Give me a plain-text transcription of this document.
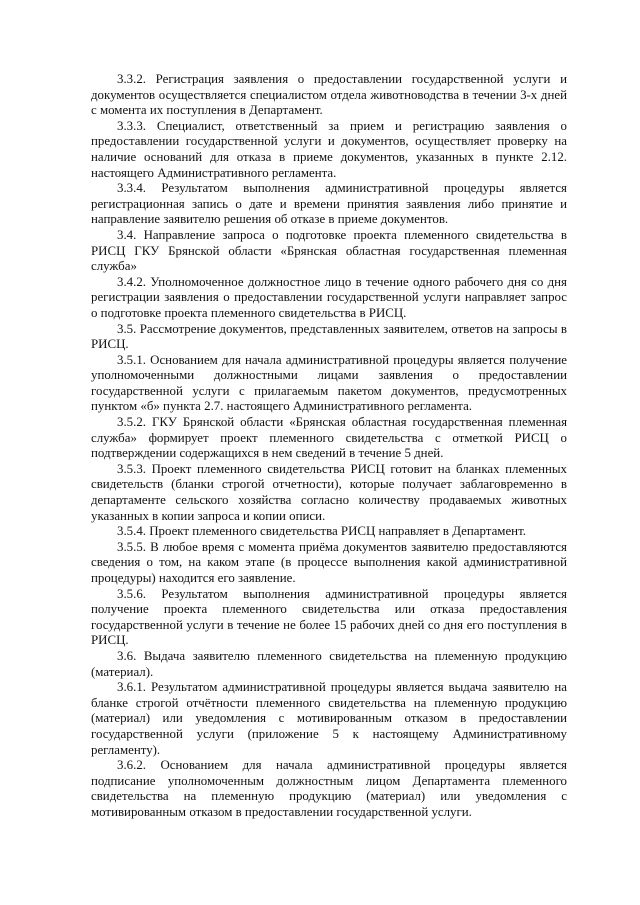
3.3.2. Регистрация заявления о предоставлении государственной услуги и документов осуществляется специалистом отдела животноводства в течении 3-х дней с момента их поступления в Департамент.

3.3.3. Специалист, ответственный за прием и регистрацию заявления о предоставлении государственной услуги и документов, осуществляет проверку на наличие оснований для отказа в приеме документов, указанных в пункте 2.12. настоящего Административного регламента.

3.3.4. Результатом выполнения административной процедуры является регистрационная запись о дате и времени принятия заявления либо принятие и направление заявителю решения об отказе в приеме документов.

3.4. Направление запроса о подготовке проекта племенного свидетельства в РИСЦ ГКУ Брянской области «Брянская областная государственная племенная служба»

3.4.2. Уполномоченное должностное лицо в течение одного рабочего дня со дня регистрации заявления о предоставлении государственной услуги направляет запрос о подготовке проекта племенного свидетельства в РИСЦ.

3.5. Рассмотрение документов, представленных заявителем, ответов на запросы в РИСЦ.

3.5.1. Основанием для начала административной процедуры является получение уполномоченными должностными лицами заявления о предоставлении государственной услуги с прилагаемым пакетом документов, предусмотренных пунктом «б» пункта 2.7. настоящего Административного регламента.

3.5.2. ГКУ Брянской области «Брянская областная государственная племенная служба» формирует проект племенного свидетельства с отметкой РИСЦ о подтверждении содержащихся в нем сведений в течение 5 дней.

3.5.3. Проект племенного свидетельства РИСЦ готовит на бланках племенных свидетельств (бланки строгой отчетности), которые получает заблаговременно в департаменте сельского хозяйства согласно количеству продаваемых животных указанных в копии запроса и копии описи.

3.5.4. Проект племенного свидетельства РИСЦ направляет в Департамент.

3.5.5. В любое время с момента приёма документов заявителю предоставляются сведения о том, на каком этапе (в процессе выполнения какой административной процедуры) находится его заявление.

3.5.6. Результатом выполнения административной процедуры является получение проекта племенного свидетельства или отказа предоставления государственной услуги в течение не более 15 рабочих дней со дня его поступления в РИСЦ.

3.6. Выдача заявителю племенного свидетельства на племенную продукцию (материал).

3.6.1. Результатом административной процедуры является выдача заявителю на бланке строгой отчётности племенного свидетельства на племенную продукцию (материал) или уведомления с мотивированным отказом в предоставлении государственной услуги (приложение 5 к настоящему Административному регламенту).

3.6.2. Основанием для начала административной процедуры является подписание уполномоченным должностным лицом Департамента племенного свидетельства на племенную продукцию (материал) или уведомления с мотивированным отказом в предоставлении государственной услуги.
